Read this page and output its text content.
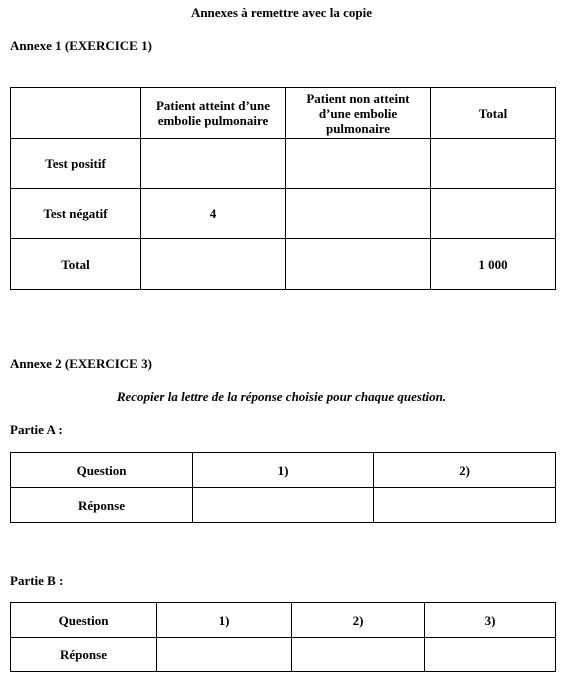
Annexes à remettre avec la copie
Annexe 1 (EXERCICE 1)
	Patient atteint d’une embolie pulmonaire	Patient non atteint d’une embolie pulmonaire	Total
Test positif			
Test négatif	4		
Total			1 000
Annexe 2 (EXERCICE 3)
Recopier la lettre de la réponse choisie pour chaque question.
Partie A :
Question	1)	2)
Réponse		
Partie B :
Question	1)	2)	3)
Réponse			
